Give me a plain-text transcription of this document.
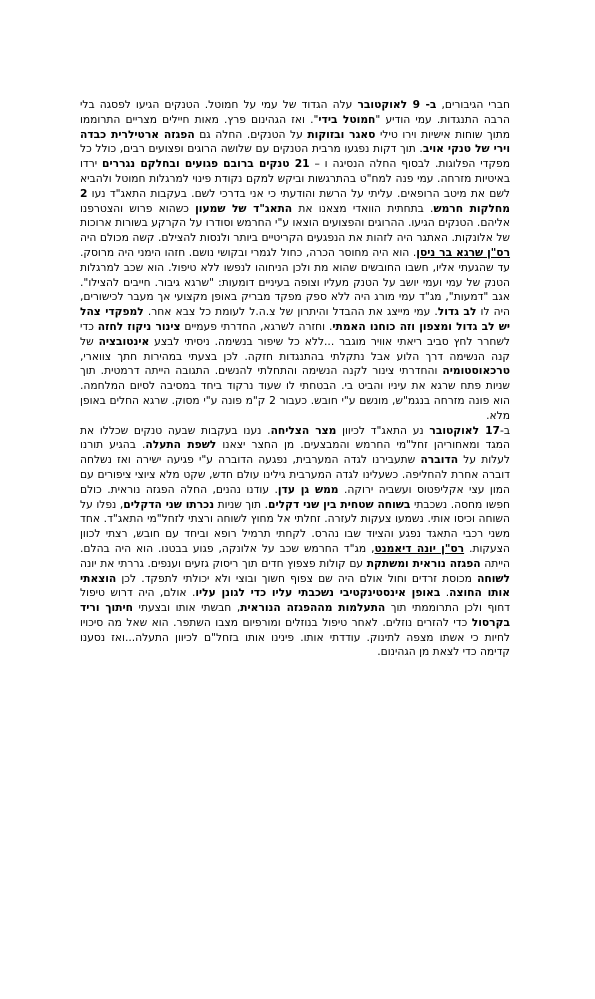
חברי הגיבורים, ב- 9 לאוקטובר עלה הגדוד של עמי על חמוטל. הטנקים הגיעו לפסגה בלי הרבה התנגדות. עמי הודיע "חמוטל בידי". ואז הגהינום פרץ. מאות חיילים מצריים התרוממו מתוך שוחות אישיות וירו טילי סאגר ובזוקות על הטנקים. החלה גם הפגזה ארטילרית כבדה וירי של טנקי אויב. תוך דקות נפגעו מרבית הטנקים עם שלושה הרוגים ופצועים רבים, כולל כל מפקדי הפלוגות. לבסוף החלה הנסיגה ו – 21 טנקים ברובם פגועים ובחלקם נגררים ירדו באיטיות מזרחה. עמי פנה למח"ט בהתרגשות וביקש למקם נקודת פינוי למרגלות חמוטל ולהביא לשם את מיטב הרופאים. עליתי על הרשת והודעתי כי אני בדרכי לשם. בעקבות התאג"ד נעו 2 מחלקות חרמש. בתחתית הוואדי מצאנו את התאג"ד של שמעון כשהוא פרוש והצטרפנו אליהם. הטנקים הגיעו. ההרוגים והפצועים הוצאו ע"י החרמש וסודרו על הקרקע בשורות ארוכות של אלונקות. האתגר היה לזהות את הנפגעים הקריטיים ביותר ולנסות להצילם. קשה מכולם היה רס"ן שרגא בר ניסן. הוא היה מחוסר הכרה, כחול לגמרי ובקושי נושם. חזהו הימני היה מרוסק. עד שהגעתי אליו, חשבו החובשים שהוא מת ולכן הניחוהו לנפשו ללא טיפול. הוא שכב למרגלות הטנק של עמי ועמי יושב על הטנק מעליו וצופה בעיניים דומעות: "שרגא גיבור. חייבים להצילו". אגב "דמעות", מג"ד עמי מורג היה ללא ספק מפקד מבריק באופן מקצועי אך מעבר לכישורים, היה לו לב גדול. עמי מייצג את ההבדל והיתרון של צ.ה.ל לעומת כל צבא אחר. למפקדי צהל יש לב גדול ומצפון וזה כוחנו האמתי. וחזרה לשרגא, החדרתי פעמיים צינור ניקוז לחזה כדי לשחרר לחץ סביב ריאתי אוויר מוגבר ...ללא כל שיפור בנשימה. ניסיתי לבצע אינטובציה של קנה הנשימה דרך הלוע אבל נתקלתי בהתנגדות חזקה. לכן בצעתי במהירות חתך צווארי, טרכאוסטומיה והחדרתי צינור לקנה הנשימה והתחלתי להנשים. התגובה הייתה דרמטית. תוך שניות פתח שרגא את עיניו והביט בי. הבטחתי לו שעוד נרקוד ביחד במסיבה לסיום המלחמה. הוא פונה מזרחה בנגמ"ש, מונשם ע"י חובש. כעבור 2 ק"מ פונה ע"י מסוק. שרגא החלים באופן מלא.

ב-17 לאוקטובר נע התאג"ד לכיוון מצר הצליחה. נענו בעקבות שבעה טנקים שכללו את המגד ומאחוריהן זחל"מי החרמש והמבצעים. מן החצר יצאנו לשפת התעלה. בהגיע תורנו לעלות על הדוברה שתעבירנו לגדה המערבית, נפגעה הדוברה ע"י פגיעה ישירה ואז נשלחה דוברה אחרת להחליפה. כשעלינו לגדה המערבית גילינו עולם חדש, שקט מלא ציוצי ציפורים עם המון עצי אקליפטוס ועשביה ירוקה. ממש גן עדן. עודנו נהנים, החלה הפגזה נוראית. כולם חפשו מחסה. נשכבתי בשוחה שטחית בין שני דקלים. תוך שניות נכרתו שני הדקלים, נפלו על השוחה וכיסו אותי. נשמעו צעקות לעזרה. זחלתי אל מחוץ לשוחה ורצתי לזחל"מי התאג"ד. אחד משני רכבי התאגד נפגע והציוד שבו נהרס. לקחתי תרמיל רופא וביחד עם חובש, רצתי לכוון הצעקות. רס"ן יונה דיאמנט, מג"ד החרמש שכב על אלונקה, פגוע בבטנו. הוא היה בהלם. הייתה הפגזה נוראית ומשתקת עם קולות פצפוץ חדים תוך ריסוק גזעים וענפים. גררתי את יונה לשוחה מכוסת זרדים וחול אולם היה שם צפוף חשוך ובוצי ולא יכולתי לתפקד. לכן הוצאתי אותו החוצה. באופן אינסטינקטיבי נשכבתי עליו כדי לגונן עליו. אולם, היה דרוש טיפול דחוף ולכן התרוממתי תוך התעלמות מההפגזה הנוראית, חבשתי אותו ובצעתי חיתוך וריד בקרסול כדי להזרים נוזלים. לאחר טיפול בנוזלים ומורפיום מצבו השתפר. הוא שאל מה סיכויו לחיות כי אשתו מצפה לתינוק. עודדתי אותו. פינינו אותו בזחל"ם לכיוון התעלה...ואז נסענו קדימה כדי לצאת מן הגהינום.
